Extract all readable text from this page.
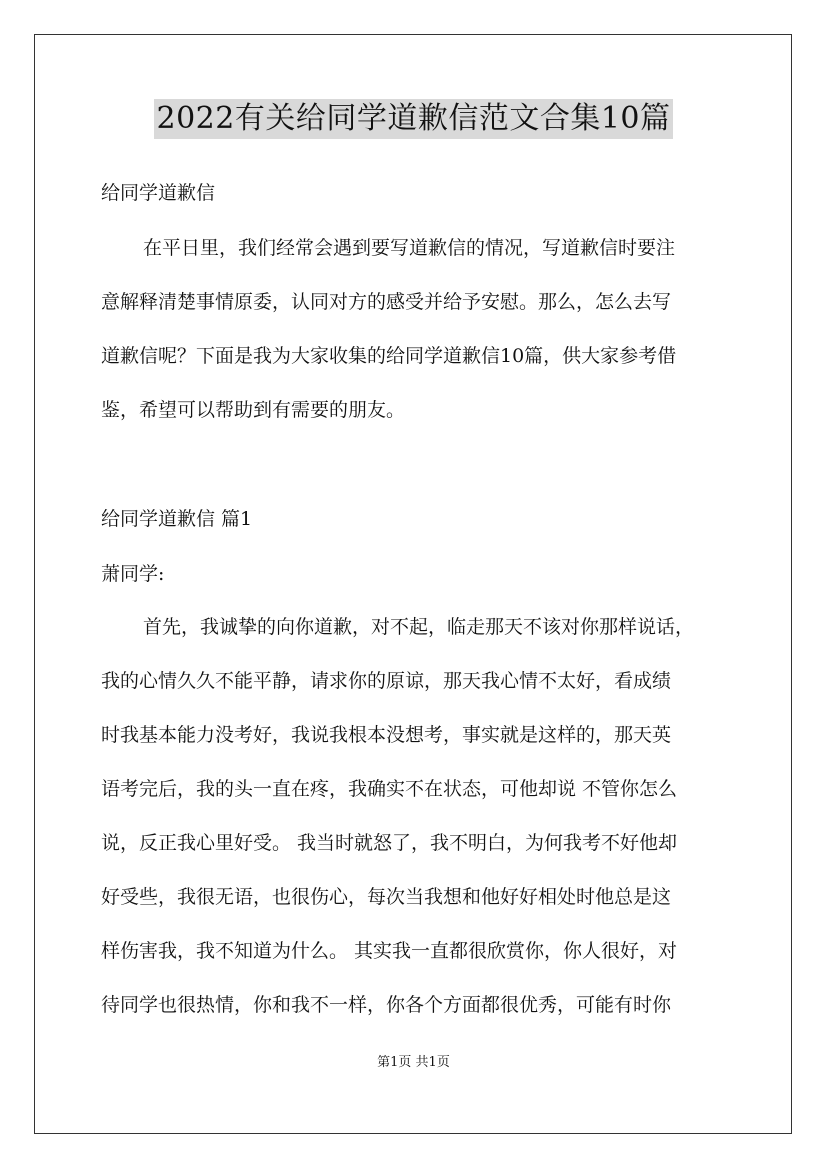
2022有关给同学道歉信范文合集10篇
给同学道歉信
在平日里，我们经常会遇到要写道歉信的情况，写道歉信时要注
意解释清楚事情原委，认同对方的感受并给予安慰。那么，怎么去写
道歉信呢？下面是我为大家收集的给同学道歉信10篇，供大家参考借
鉴，希望可以帮助到有需要的朋友。
给同学道歉信 篇1
萧同学:
首先，我诚挚的向你道歉，对不起，临走那天不该对你那样说话，
我的心情久久不能平静，请求你的原谅，那天我心情不太好，看成绩
时我基本能力没考好，我说我根本没想考，事实就是这样的，那天英
语考完后，我的头一直在疼，我确实不在状态，可他却说 不管你怎么
说，反正我心里好受。 我当时就怒了，我不明白，为何我考不好他却
好受些，我很无语，也很伤心，每次当我想和他好好相处时他总是这
样伤害我，我不知道为什么。 其实我一直都很欣赏你，你人很好，对
待同学也很热情，你和我不一样，你各个方面都很优秀，可能有时你
第1页 共1页
